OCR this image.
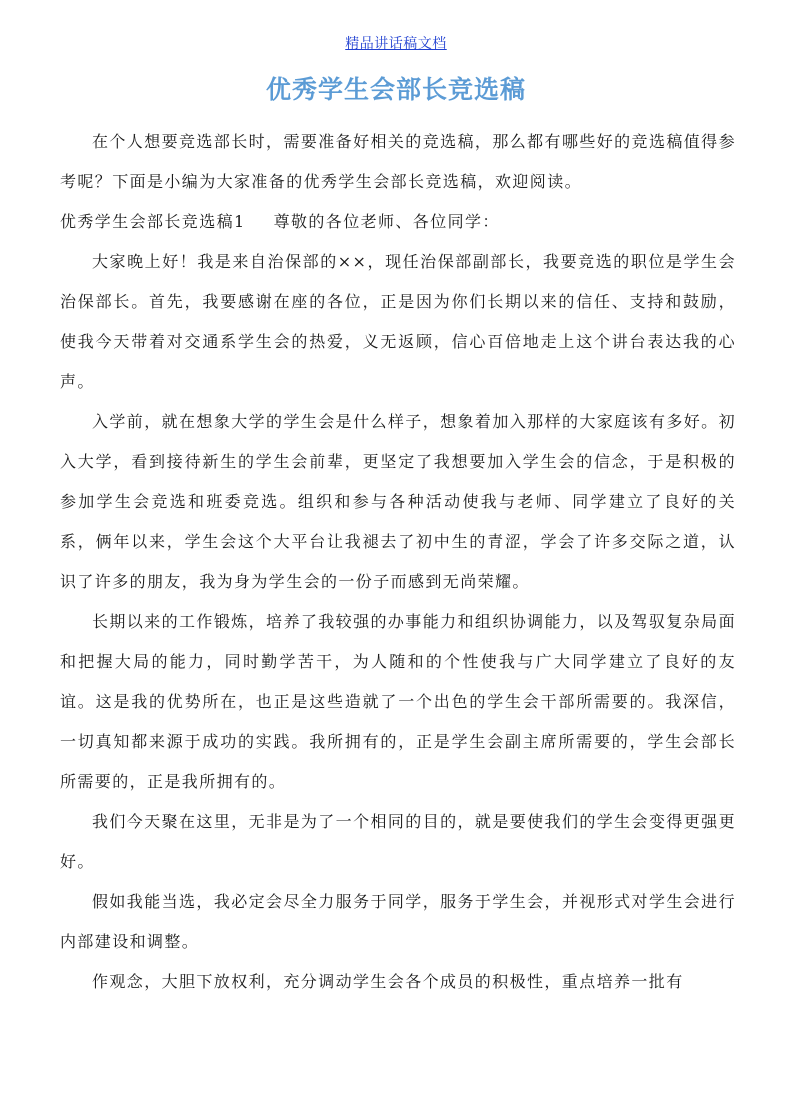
精品讲话稿文档
优秀学生会部长竞选稿

在个人想要竞选部长时，需要准备好相关的竞选稿，那么都有哪些好的竞选稿值得参考呢？下面是小编为大家准备的优秀学生会部长竞选稿，欢迎阅读。

优秀学生会部长竞选稿1 尊敬的各位老师、各位同学：

大家晚上好！我是来自治保部的××，现任治保部副部长，我要竞选的职位是学生会治保部长。首先，我要感谢在座的各位，正是因为你们长期以来的信任、支持和鼓励，使我今天带着对交通系学生会的热爱，义无返顾，信心百倍地走上这个讲台表达我的心声。

入学前，就在想象大学的学生会是什么样子，想象着加入那样的大家庭该有多好。初入大学，看到接待新生的学生会前辈，更坚定了我想要加入学生会的信念，于是积极的参加学生会竞选和班委竞选。组织和参与各种活动使我与老师、同学建立了良好的关系，俩年以来，学生会这个大平台让我褪去了初中生的青涩，学会了许多交际之道，认识了许多的朋友，我为身为学生会的一份子而感到无尚荣耀。

长期以来的工作锻炼，培养了我较强的办事能力和组织协调能力，以及驾驭复杂局面和把握大局的能力，同时勤学苦干，为人随和的个性使我与广大同学建立了良好的友谊。这是我的优势所在，也正是这些造就了一个出色的学生会干部所需要的。我深信，一切真知都来源于成功的实践。我所拥有的，正是学生会副主席所需要的，学生会部长所需要的，正是我所拥有的。

我们今天聚在这里，无非是为了一个相同的目的，就是要使我们的学生会变得更强更好。

假如我能当选，我必定会尽全力服务于同学，服务于学生会，并视形式对学生会进行内部建设和调整。

作观念，大胆下放权利，充分调动学生会各个成员的积极性，重点培养一批有
